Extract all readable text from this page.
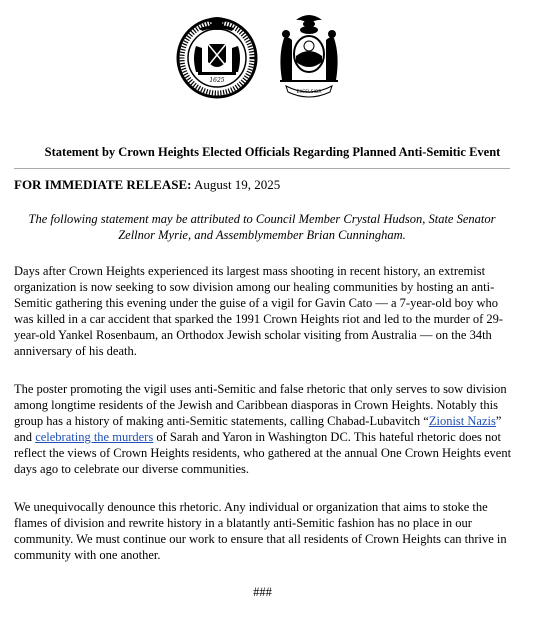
1625
EXCELSIOR
Statement by Crown Heights Elected Officials Regarding Planned Anti-Semitic Event
FOR IMMEDIATE RELEASE: August 19, 2025
The following statement may be attributed to Council Member Crystal Hudson, State Senator Zellnor Myrie, and Assemblymember Brian Cunningham.
Days after Crown Heights experienced its largest mass shooting in recent history, an extremist organization is now seeking to sow division among our healing communities by hosting an anti-Semitic gathering this evening under the guise of a vigil for Gavin Cato — a 7-year-old boy who was killed in a car accident that sparked the 1991 Crown Heights riot and led to the murder of 29-year-old Yankel Rosenbaum, an Orthodox Jewish scholar visiting from Australia — on the 34th anniversary of his death.
The poster promoting the vigil uses anti-Semitic and false rhetoric that only serves to sow division among longtime residents of the Jewish and Caribbean diasporas in Crown Heights. Notably this group has a history of making anti-Semitic statements, calling Chabad-Lubavitch “Zionist Nazis” and celebrating the murders of Sarah and Yaron in Washington DC. This hateful rhetoric does not reflect the views of Crown Heights residents, who gathered at the annual One Crown Heights event days ago to celebrate our diverse communities.
We unequivocally denounce this rhetoric. Any individual or organization that aims to stoke the flames of division and rewrite history in a blatantly anti-Semitic fashion has no place in our community. We must continue our work to ensure that all residents of Crown Heights can thrive in community with one another.
###
